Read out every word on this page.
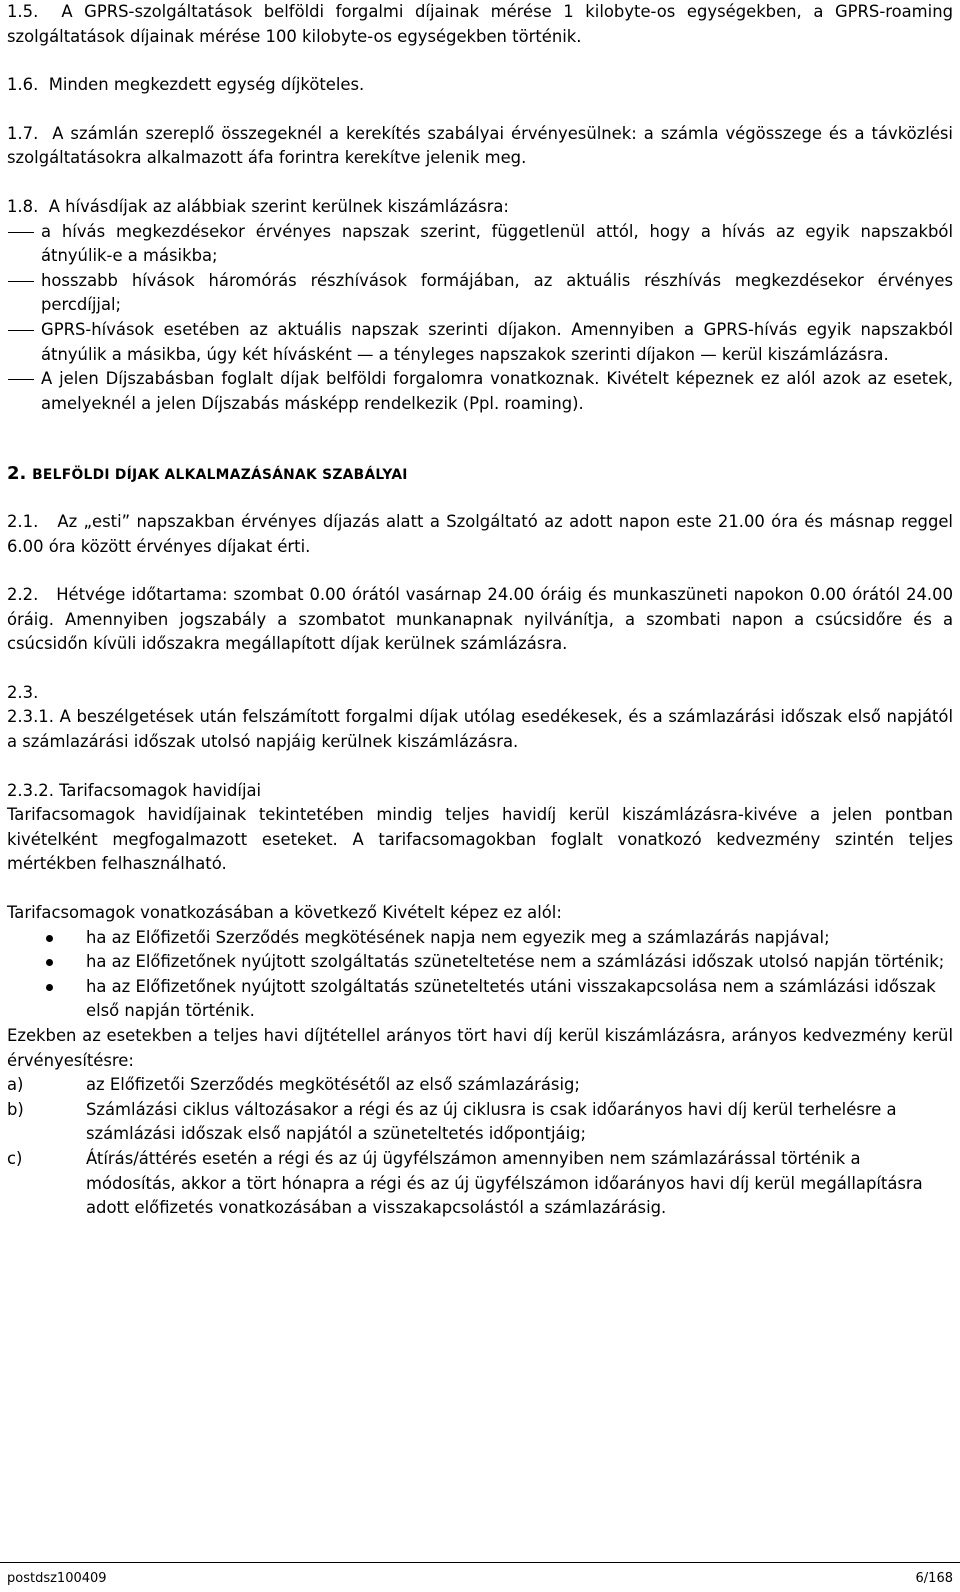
1.5.  A GPRS-szolgáltatások belföldi forgalmi díjainak mérése 1 kilobyte-os egységekben, a GPRS-roaming szolgáltatások díjainak mérése 100 kilobyte-os egységekben történik.

1.6.  Minden megkezdett egység díjköteles.

1.7.  A számlán szereplő összegeknél a kerekítés szabályai érvényesülnek: a számla végösszege és a távközlési szolgáltatásokra alkalmazott áfa forintra kerekítve jelenik meg.

1.8.  A hívásdíjak az alábbiak szerint kerülnek kiszámlázásra:

a hívás megkezdésekor érvényes napszak szerint, függetlenül attól, hogy a hívás az egyik napszakból átnyúlik-e a másikba;
hosszabb hívások háromórás részhívások formájában, az aktuális részhívás megkezdésekor érvényes percdíjjal;
GPRS-hívások esetében az aktuális napszak szerinti díjakon. Amennyiben a GPRS-hívás egyik napszakból átnyúlik a másikba, úgy két hívásként — a tényleges napszakok szerinti díjakon — kerül kiszámlázásra.
A jelen Díjszabásban foglalt díjak belföldi forgalomra vonatkoznak. Kivételt képeznek ez alól azok az esetek, amelyeknél a jelen Díjszabás másképp rendelkezik (Ppl. roaming).

2. BELFÖLDI DÍJAK ALKALMAZÁSÁNAK SZABÁLYAI

2.1.   Az „esti” napszakban érvényes díjazás alatt a Szolgáltató az adott napon este 21.00 óra és másnap reggel 6.00 óra között érvényes díjakat érti.

2.2.   Hétvége időtartama: szombat 0.00 órától vasárnap 24.00 óráig és munkaszüneti napokon 0.00 órától 24.00 óráig. Amennyiben jogszabály a szombatot munkanapnak nyilvánítja, a szombati napon a csúcsidőre és a csúcsidőn kívüli időszakra megállapított díjak kerülnek számlázásra.

2.3.

2.3.1. A beszélgetések után felszámított forgalmi díjak utólag esedékesek, és a számlazárási időszak első napjától a számlazárási időszak utolsó napjáig kerülnek kiszámlázásra.

2.3.2. Tarifacsomagok havidíjai

Tarifacsomagok havidíjainak tekintetében mindig teljes havidíj kerül kiszámlázásra-kivéve a jelen pontban kivételként megfogalmazott eseteket. A tarifacsomagokban foglalt vonatkozó kedvezmény szintén teljes mértékben felhasználható.

Tarifacsomagok vonatkozásában a következő Kivételt képez ez alól:

ha az Előfizetői Szerződés megkötésének napja nem egyezik meg a számlazárás napjával;
ha az Előfizetőnek nyújtott szolgáltatás szüneteltetése nem a számlázási időszak utolsó napján történik;
ha az Előfizetőnek nyújtott szolgáltatás szüneteltetés utáni visszakapcsolása nem a számlázási időszak első napján történik.

Ezekben az esetekben a teljes havi díjtétellel arányos tört havi díj kerül kiszámlázásra, arányos kedvezmény kerül érvényesítésre:

a)	az Előfizetői Szerződés megkötésétől az első számlazárásig;
b)	Számlázási ciklus változásakor a régi és az új ciklusra is csak időarányos havi díj kerül terhelésre a számlázási időszak első napjától a szüneteltetés időpontjáig;
c)	Átírás/áttérés esetén a régi és az új ügyfélszámon amennyiben nem számlazárással történik a módosítás, akkor a tört hónapra a régi és az új ügyfélszámon időarányos havi díj kerül megállapításra adott előfizetés vonatkozásában a visszakapcsolástól a számlazárásig.
postdsz100409	6/168
